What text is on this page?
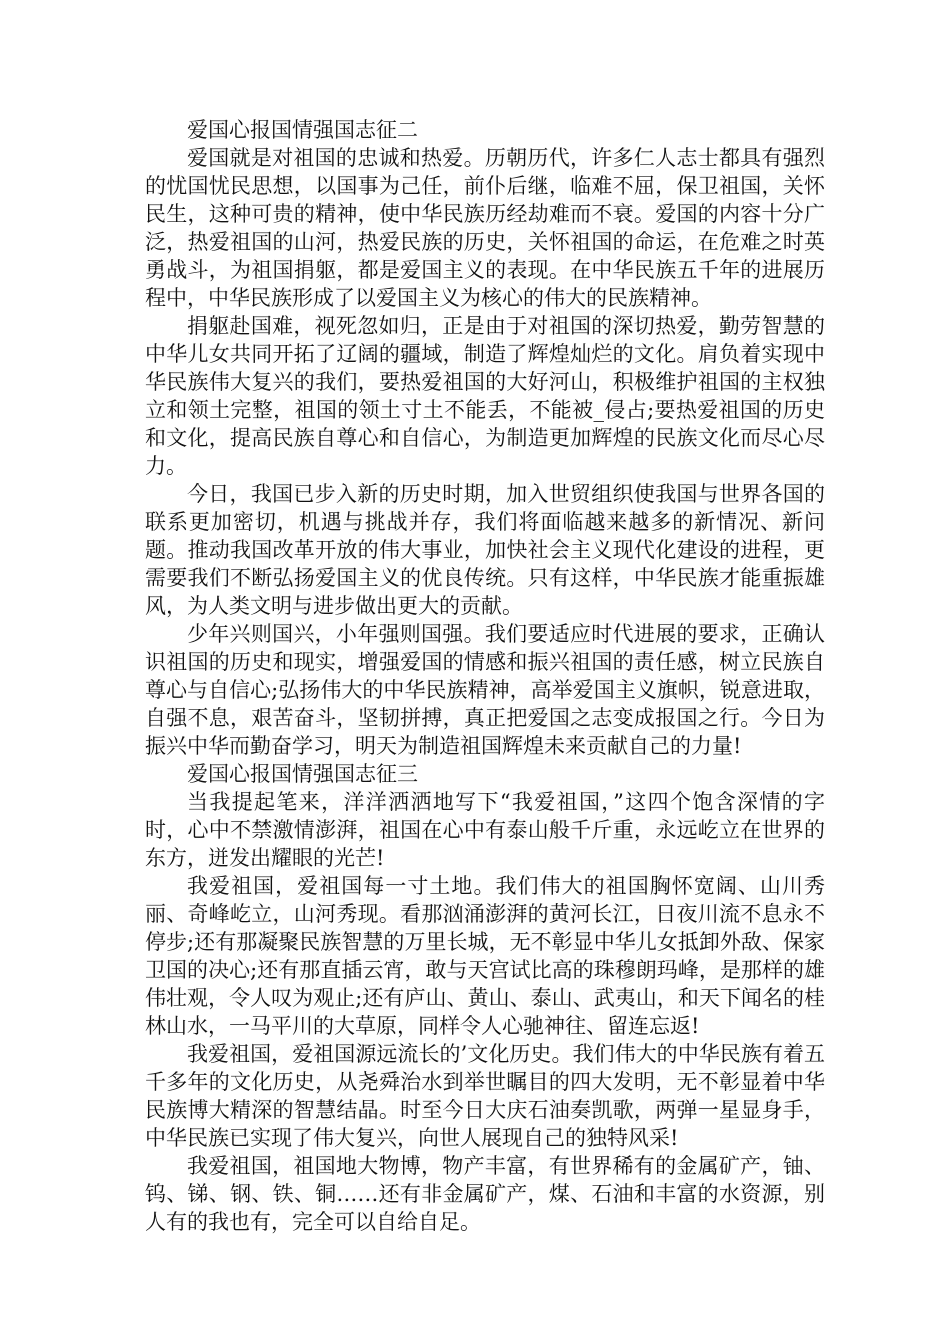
爱国心报国情强国志征二

爱国就是对祖国的忠诚和热爱。历朝历代，许多仁人志士都具有强烈的忧国忧民思想，以国事为己任，前仆后继，临难不屈，保卫祖国，关怀民生，这种可贵的精神，使中华民族历经劫难而不衰。爱国的内容十分广泛，热爱祖国的山河，热爱民族的历史，关怀祖国的命运，在危难之时英勇战斗，为祖国捐躯，都是爱国主义的表现。在中华民族五千年的进展历程中，中华民族形成了以爱国主义为核心的伟大的民族精神。

捐躯赴国难，视死忽如归，正是由于对祖国的深切热爱，勤劳智慧的中华儿女共同开拓了辽阔的疆域，制造了辉煌灿烂的文化。肩负着实现中华民族伟大复兴的我们，要热爱祖国的大好河山，积极维护祖国的主权独立和领土完整，祖国的领土寸土不能丢，不能被_侵占;要热爱祖国的历史和文化，提高民族自尊心和自信心，为制造更加辉煌的民族文化而尽心尽力。

今日，我国已步入新的历史时期，加入世贸组织使我国与世界各国的联系更加密切，机遇与挑战并存，我们将面临越来越多的新情况、新问题。推动我国改革开放的伟大事业，加快社会主义现代化建设的进程，更需要我们不断弘扬爱国主义的优良传统。只有这样，中华民族才能重振雄风，为人类文明与进步做出更大的贡献。

少年兴则国兴，小年强则国强。我们要适应时代进展的要求，正确认识祖国的历史和现实，增强爱国的情感和振兴祖国的责任感，树立民族自尊心与自信心;弘扬伟大的中华民族精神，高举爱国主义旗帜，锐意进取，自强不息，艰苦奋斗，坚韧拼搏，真正把爱国之志变成报国之行。今日为振兴中华而勤奋学习，明天为制造祖国辉煌未来贡献自己的力量!

爱国心报国情强国志征三

当我提起笔来，洋洋洒洒地写下“我爱祖国，”这四个饱含深情的字时，心中不禁激情澎湃，祖国在心中有泰山般千斤重，永远屹立在世界的东方，迸发出耀眼的光芒!

我爱祖国，爱祖国每一寸土地。我们伟大的祖国胸怀宽阔、山川秀丽、奇峰屹立，山河秀现。看那汹涌澎湃的黄河长江，日夜川流不息永不停步;还有那凝聚民族智慧的万里长城，无不彰显中华儿女抵卸外敌、保家卫国的决心;还有那直插云宵，敢与天宫试比高的珠穆朗玛峰，是那样的雄伟壮观，令人叹为观止;还有庐山、黄山、泰山、武夷山，和天下闻名的桂林山水，一马平川的大草原，同样令人心驰神往、留连忘返!

我爱祖国，爱祖国源远流长的’文化历史。我们伟大的中华民族有着五千多年的文化历史，从尧舜治水到举世瞩目的四大发明，无不彰显着中华民族博大精深的智慧结晶。时至今日大庆石油奏凯歌，两弹一星显身手，中华民族已实现了伟大复兴，向世人展现自己的独特风采!

我爱祖国，祖国地大物博，物产丰富，有世界稀有的金属矿产，铀、钨、锑、钢、铁、铜……还有非金属矿产，煤、石油和丰富的水资源，别人有的我也有，完全可以自给自足。
